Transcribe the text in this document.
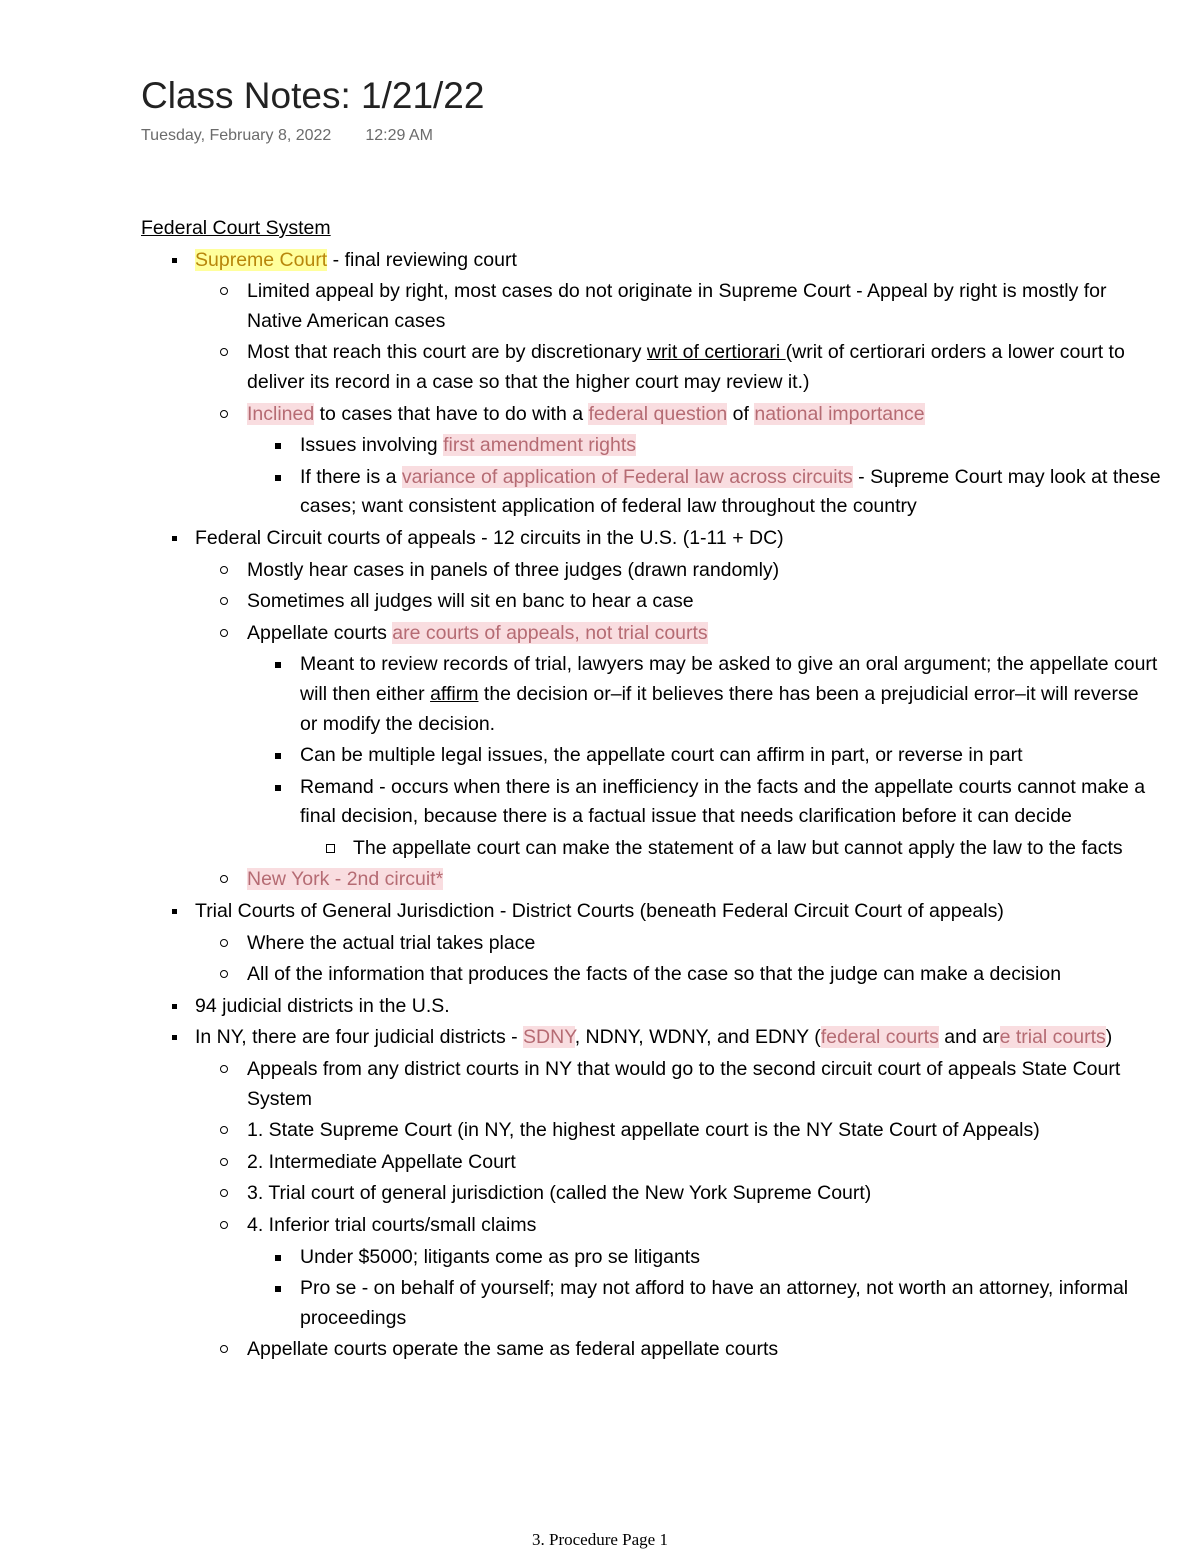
Class Notes: 1/21/22
Tuesday, February 8, 2022 12:29 AM
Federal Court System
Supreme Court - final reviewing court
Limited appeal by right, most cases do not originate in Supreme Court - Appeal by right is mostly for Native American cases
Most that reach this court are by discretionary writ of certiorari (writ of certiorari orders a lower court to deliver its record in a case so that the higher court may review it.)
Inclined to cases that have to do with a federal question of national importance
Issues involving first amendment rights
If there is a variance of application of Federal law across circuits - Supreme Court may look at these cases; want consistent application of federal law throughout the country
Federal Circuit courts of appeals - 12 circuits in the U.S. (1-11 + DC)
Mostly hear cases in panels of three judges (drawn randomly)
Sometimes all judges will sit en banc to hear a case
Appellate courts are courts of appeals, not trial courts
Meant to review records of trial, lawyers may be asked to give an oral argument; the appellate court will then either affirm the decision or–if it believes there has been a prejudicial error–it will reverse or modify the decision.
Can be multiple legal issues, the appellate court can affirm in part, or reverse in part
Remand - occurs when there is an inefficiency in the facts and the appellate courts cannot make a final decision, because there is a factual issue that needs clarification before it can decide
The appellate court can make the statement of a law but cannot apply the law to the facts
New York - 2nd circuit*
Trial Courts of General Jurisdiction - District Courts (beneath Federal Circuit Court of appeals)
Where the actual trial takes place
All of the information that produces the facts of the case so that the judge can make a decision
94 judicial districts in the U.S.
In NY, there are four judicial districts - SDNY, NDNY, WDNY, and EDNY (federal courts and are trial courts)
Appeals from any district courts in NY that would go to the second circuit court of appeals State Court System
1. State Supreme Court (in NY, the highest appellate court is the NY State Court of Appeals)
2. Intermediate Appellate Court
3. Trial court of general jurisdiction (called the New York Supreme Court)
4. Inferior trial courts/small claims
Under $5000; litigants come as pro se litigants
Pro se - on behalf of yourself; may not afford to have an attorney, not worth an attorney, informal proceedings
Appellate courts operate the same as federal appellate courts
3. Procedure Page 1
